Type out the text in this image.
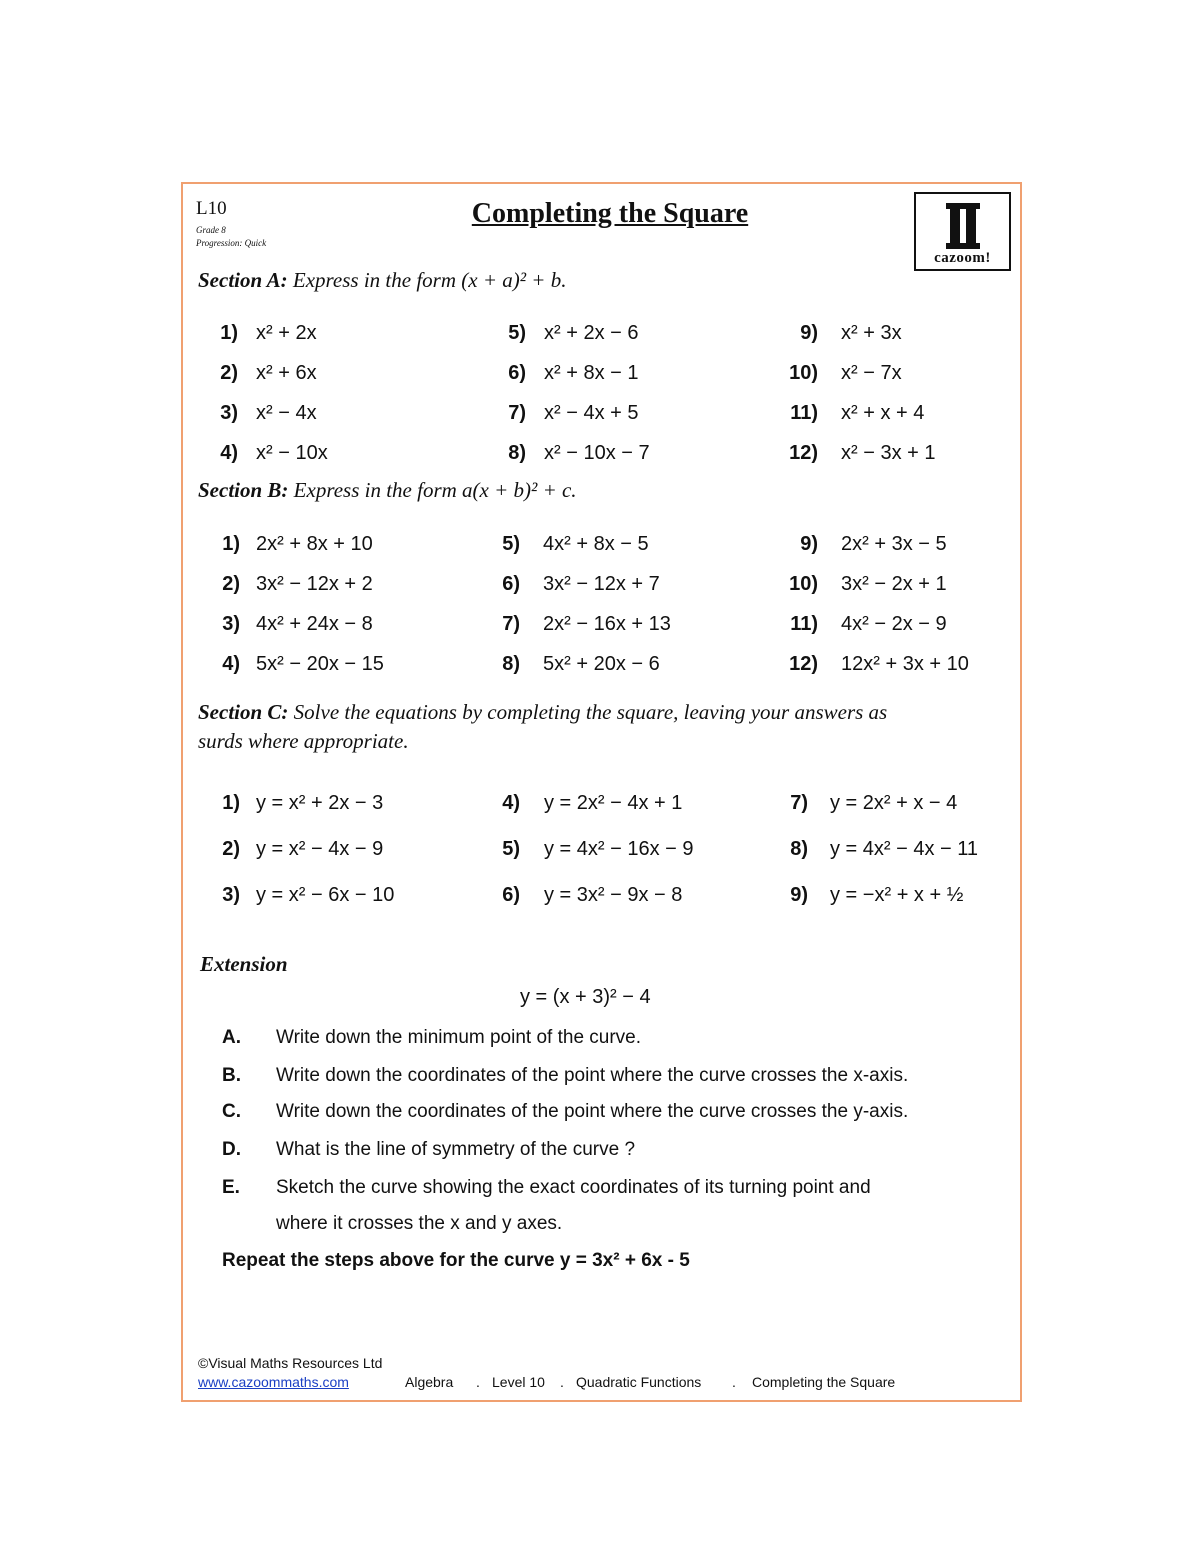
L10
Grade 8
Progression: Quick
Completing the Square
cazoom!
Section A: Express in the form (x + a)² + b.
1) x² + 2x
2) x² + 6x
3) x² − 4x
4) x² − 10x
5) x² + 2x − 6
6) x² + 8x − 1
7) x² − 4x + 5
8) x² − 10x − 7
9) x² + 3x
10) x² − 7x
11) x² + x + 4
12) x² − 3x + 1
Section B: Express in the form a(x + b)² + c.
1) 2x² + 8x + 10
2) 3x² − 12x + 2
3) 4x² + 24x − 8
4) 5x² − 20x − 15
5) 4x² + 8x − 5
6) 3x² − 12x + 7
7) 2x² − 16x + 13
8) 5x² + 20x − 6
9) 2x² + 3x − 5
10) 3x² − 2x + 1
11) 4x² − 2x − 9
12) 12x² + 3x + 10
Section C: Solve the equations by completing the square, leaving your answers as
surds where appropriate.
1) y = x² + 2x − 3
2) y = x² − 4x − 9
3) y = x² − 6x − 10
4) y = 2x² − 4x + 1
5) y = 4x² − 16x − 9
6) y = 3x² − 9x − 8
7) y = 2x² + x − 4
8) y = 4x² − 4x − 11
9) y = −x² + x + ½
Extension
y = (x + 3)² − 4
A. Write down the minimum point of the curve.
B. Write down the coordinates of the point where the curve crosses the x-axis.
C. Write down the coordinates of the point where the curve crosses the y-axis.
D. What is the line of symmetry of the curve ?
E. Sketch the curve showing the exact coordinates of its turning point and
where it crosses the x and y axes.
Repeat the steps above for the curve y = 3x² + 6x - 5
©Visual Maths Resources Ltd
www.cazoommaths.com	Algebra . Level 10 . Quadratic Functions . Completing the Square
